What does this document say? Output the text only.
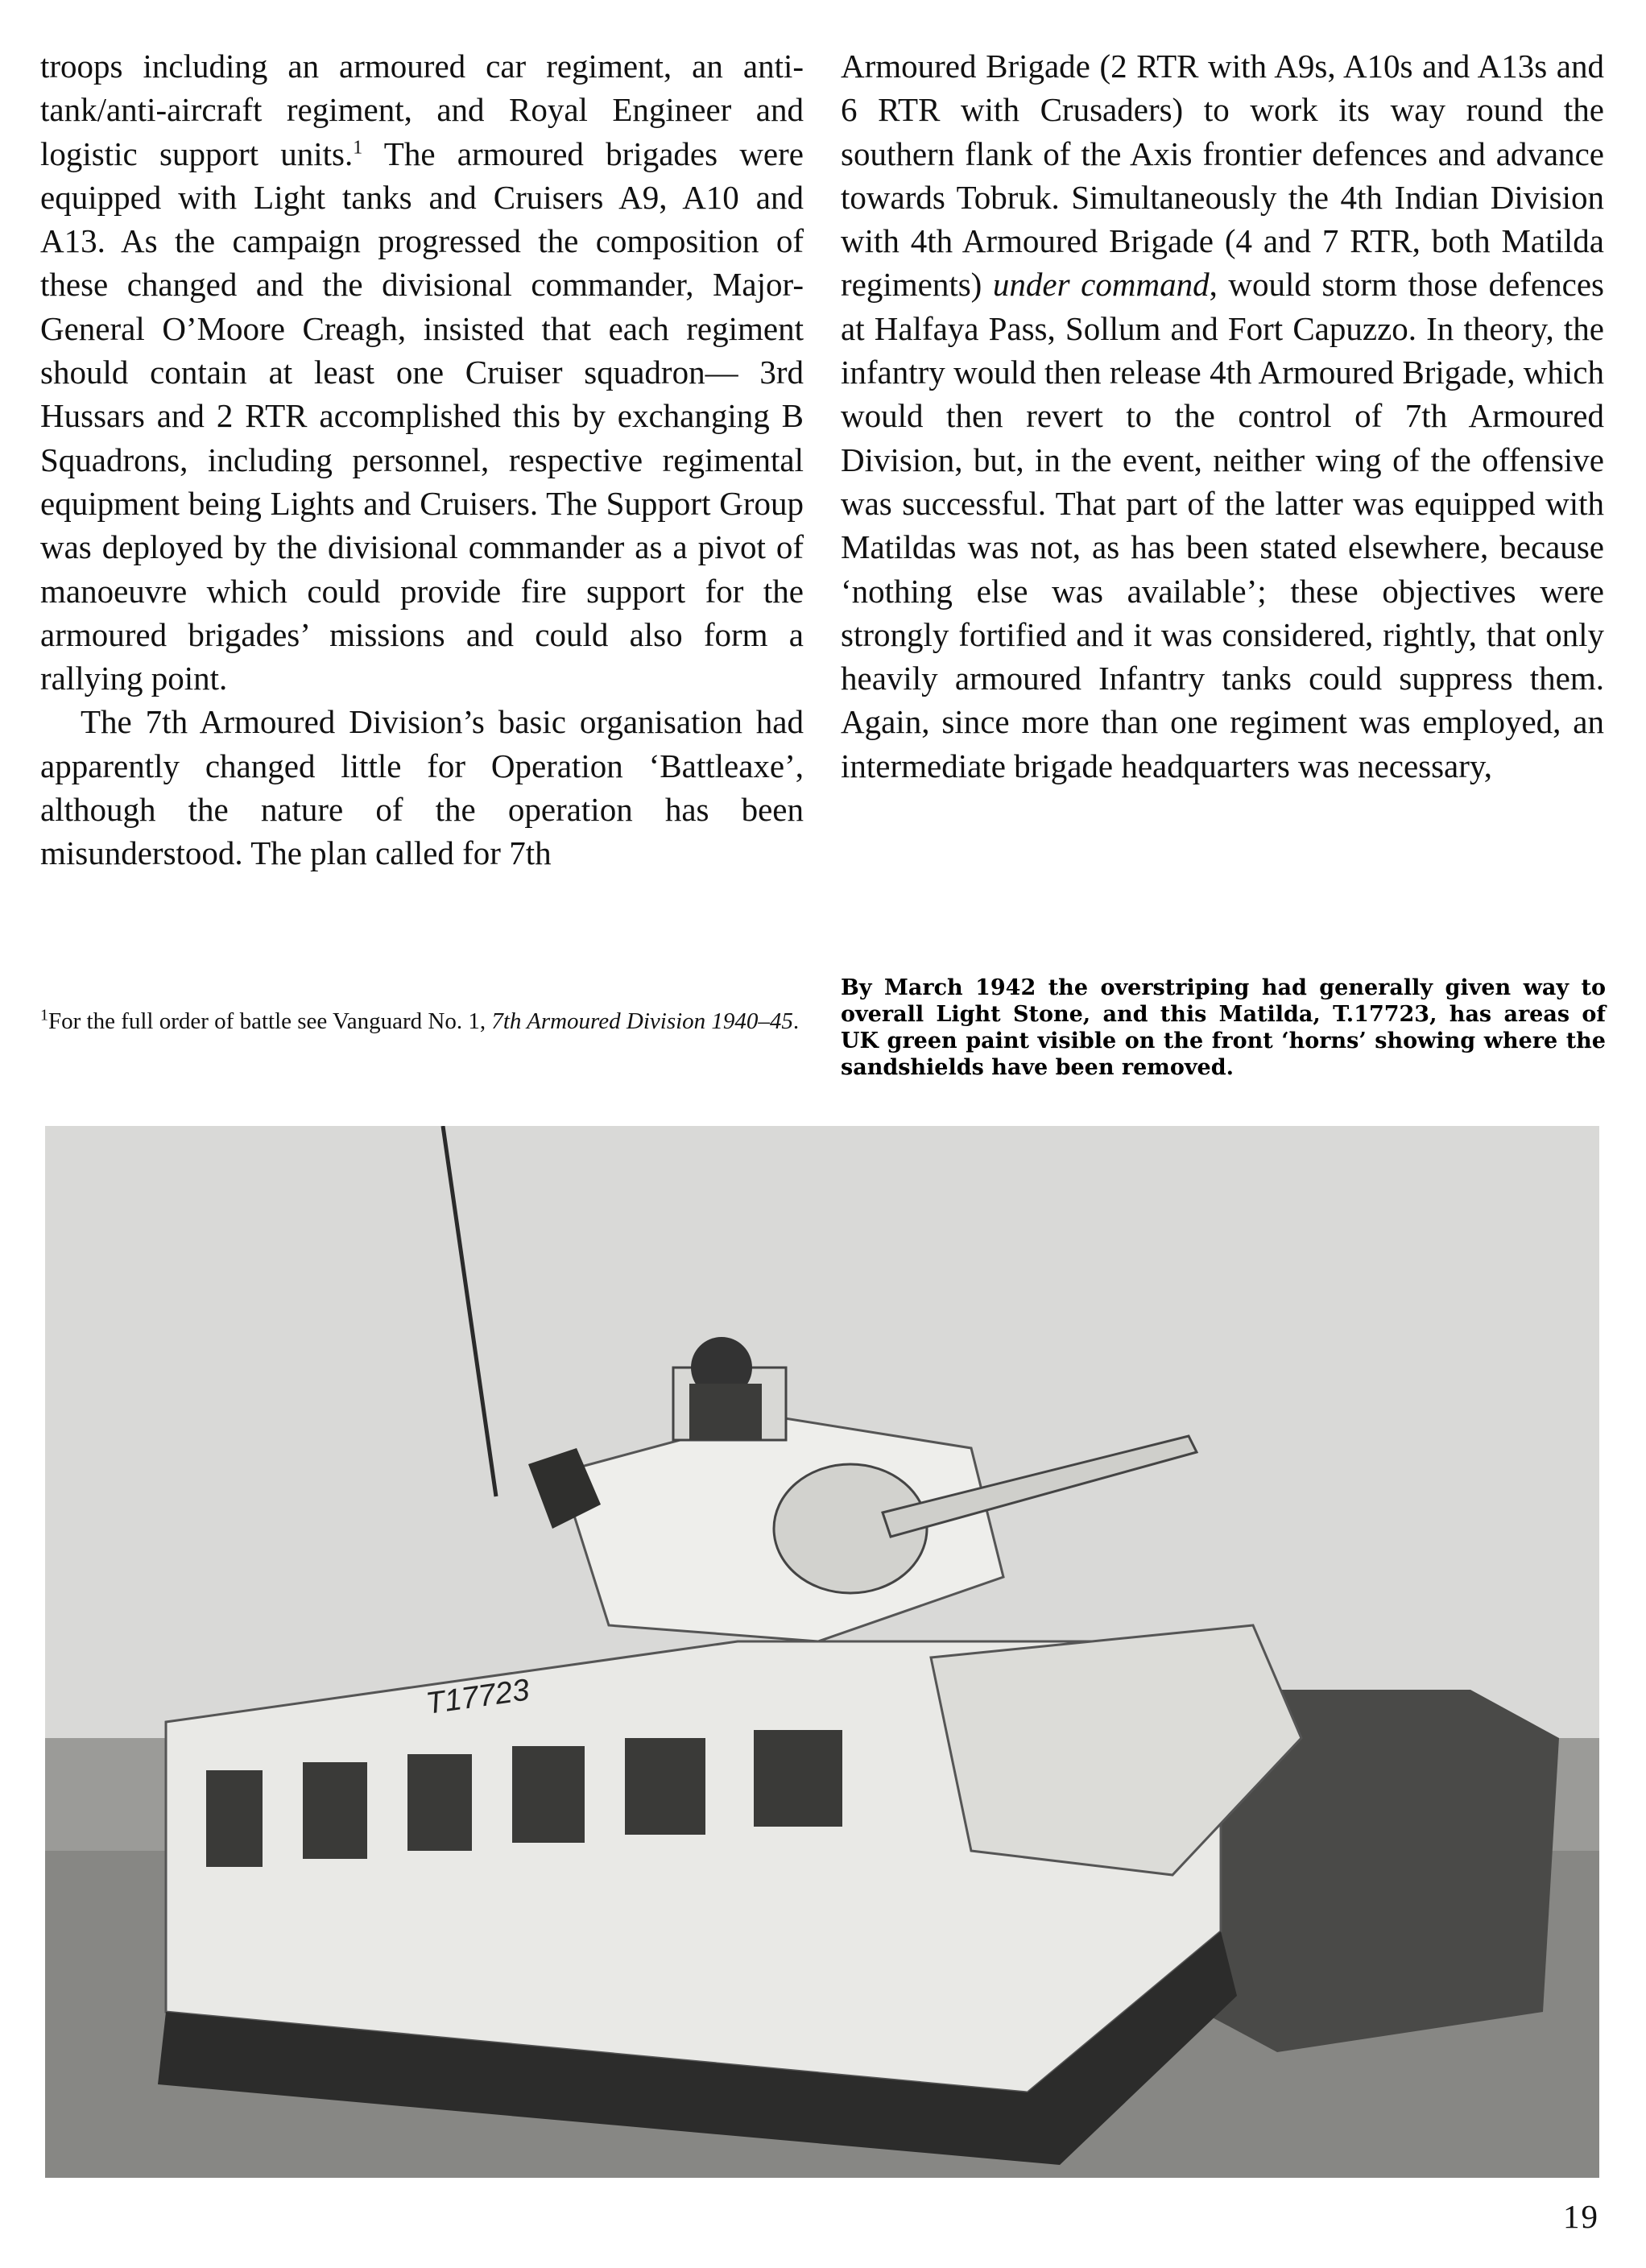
troops including an armoured car regiment, an anti-tank/anti-aircraft regiment, and Royal Engineer and logistic support units.$^1$ The armoured brigades were equipped with Light tanks and Cruisers A9, A10 and A13. As the campaign progressed the composition of these changed and the divisional commander, Major-General O’Moore Creagh, insisted that each regiment should contain at least one Cruiser squadron— 3rd Hussars and 2 RTR accomplished this by exchanging B Squadrons, including personnel, respective regimental equipment being Lights and Cruisers. The Support Group was deployed by the divisional commander as a pivot of manoeuvre which could provide fire support for the armoured brigades’ missions and could also form a rallying point.

The 7th Armoured Division’s basic organisation had apparently changed little for Operation ‘Battleaxe’, although the nature of the operation has been misunderstood. The plan called for 7th

$^1$For the full order of battle see Vanguard No. 1, 7th Armoured Division 1940–45.

Armoured Brigade (2 RTR with A9s, A10s and A13s and 6 RTR with Crusaders) to work its way round the southern flank of the Axis frontier defences and advance towards Tobruk. Simultaneously the 4th Indian Division with 4th Armoured Brigade (4 and 7 RTR, both Matilda regiments) under command, would storm those defences at Halfaya Pass, Sollum and Fort Capuzzo. In theory, the infantry would then release 4th Armoured Brigade, which would then revert to the control of 7th Armoured Division, but, in the event, neither wing of the offensive was successful. That part of the latter was equipped with Matildas was not, as has been stated elsewhere, because ‘nothing else was available’; these objectives were strongly fortified and it was considered, rightly, that only heavily armoured Infantry tanks could suppress them. Again, since more than one regiment was employed, an intermediate brigade headquarters was necessary,

By March 1942 the overstriping had generally given way to overall Light Stone, and this Matilda, T.17723, has areas of UK green paint visible on the front ‘horns’ showing where the sandshields have been removed.
T17723
19
